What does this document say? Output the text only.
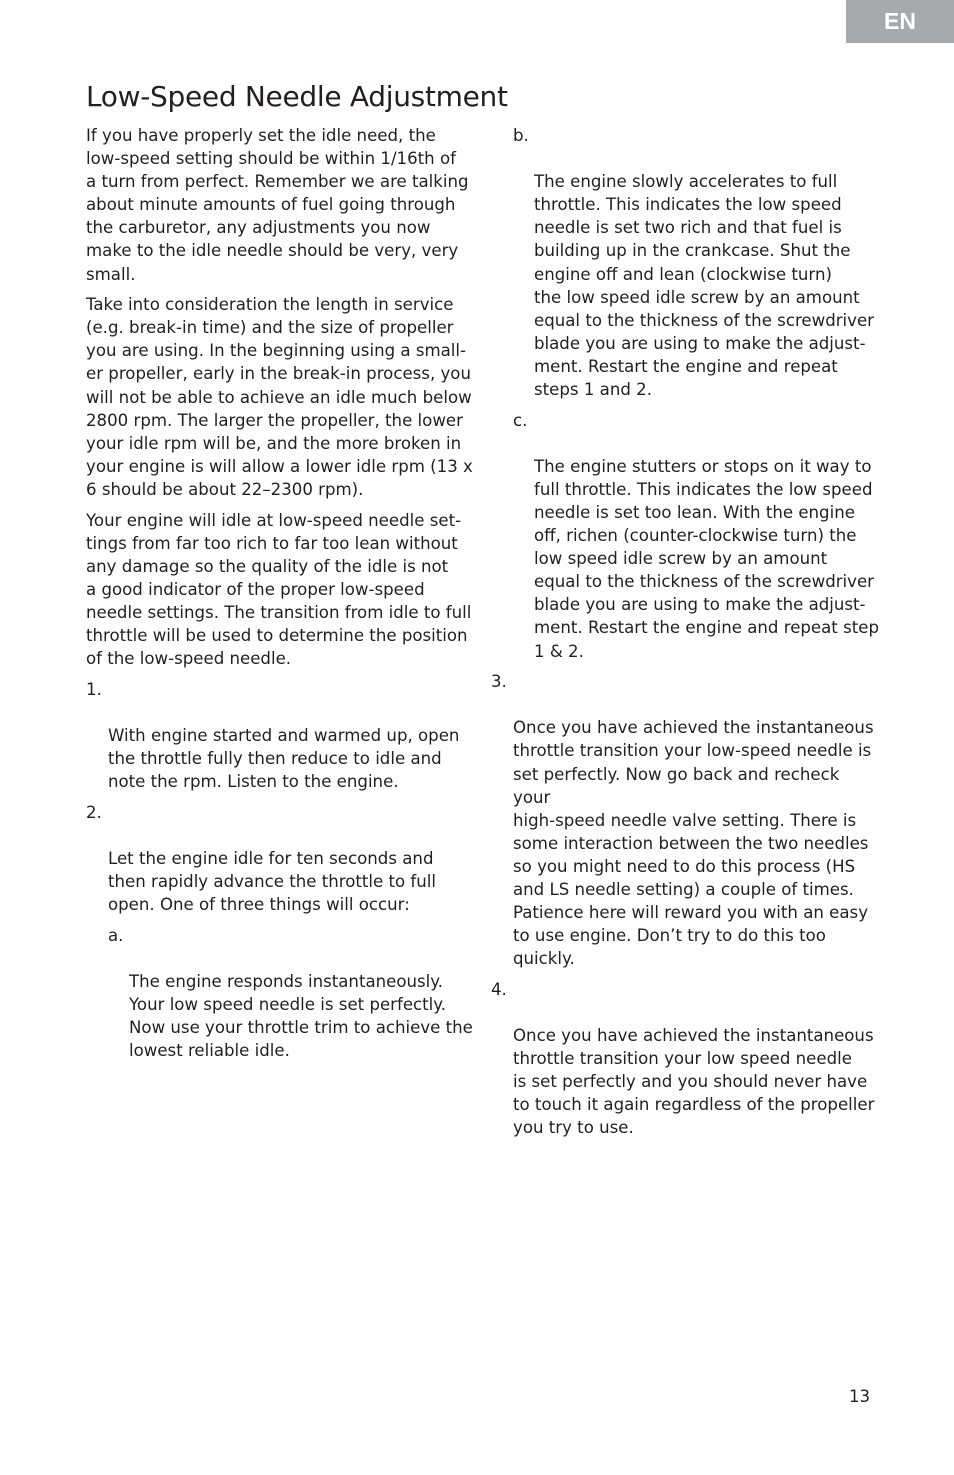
EN
Low-Speed Needle Adjustment

If you have properly set the idle need, the
low-speed setting should be within 1/16th of
a turn from perfect. Remember we are talking
about minute amounts of fuel going through
the carburetor, any adjustments you now
make to the idle needle should be very, very
small.

Take into consideration the length in service
(e.g. break-in time) and the size of propeller
you are using. In the beginning using a small-
er propeller, early in the break-in process, you
will not be able to achieve an idle much below
2800 rpm. The larger the propeller, the lower
your idle rpm will be, and the more broken in
your engine is will allow a lower idle rpm (13 x
6 should be about 22–2300 rpm).

Your engine will idle at low-speed needle set-
tings from far too rich to far too lean without
any damage so the quality of the idle is not
a good indicator of the proper low-speed
needle settings. The transition from idle to full
throttle will be used to determine the position
of the low-speed needle.

1.

With engine started and warmed up, open
the throttle fully then reduce to idle and
note the rpm. Listen to the engine.

2.

Let the engine idle for ten seconds and
then rapidly advance the throttle to full
open. One of three things will occur:

a.

The engine responds instantaneously.
Your low speed needle is set perfectly.
Now use your throttle trim to achieve the
lowest reliable idle.

b.

The engine slowly accelerates to full
throttle. This indicates the low speed
needle is set two rich and that fuel is
building up in the crankcase. Shut the
engine off and lean (clockwise turn)
the low speed idle screw by an amount
equal to the thickness of the screwdriver
blade you are using to make the adjust-
ment. Restart the engine and repeat
steps 1 and 2.

c.

The engine stutters or stops on it way to
full throttle. This indicates the low speed
needle is set too lean. With the engine
off, richen (counter-clockwise turn) the
low speed idle screw by an amount
equal to the thickness of the screwdriver
blade you are using to make the adjust-
ment. Restart the engine and repeat step
1 & 2.

3.

Once you have achieved the instantaneous
throttle transition your low-speed needle is
set perfectly. Now go back and recheck your
high-speed needle valve setting. There is
some interaction between the two needles
so you might need to do this process (HS
and LS needle setting) a couple of times.
Patience here will reward you with an easy
to use engine. Don’t try to do this too
quickly.

4.

Once you have achieved the instantaneous
throttle transition your low speed needle
is set perfectly and you should never have
to touch it again regardless of the propeller
you try to use.

13
